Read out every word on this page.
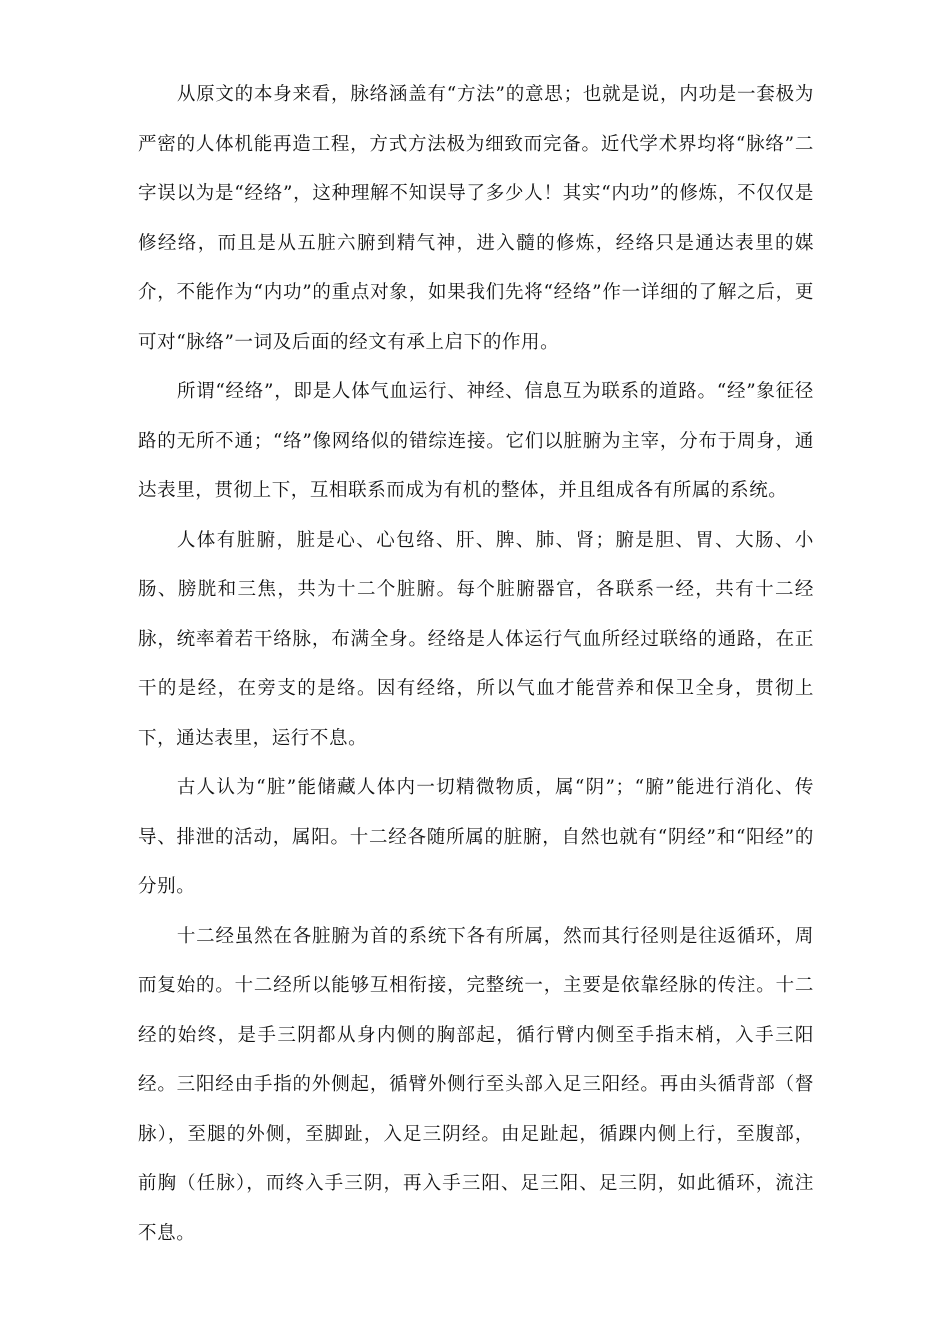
从原文的本身来看，脉络涵盖有“方法”的意思；也就是说，内功是一套极为严密的人体机能再造工程，方式方法极为细致而完备。近代学术界均将“脉络”二字误以为是“经络”，这种理解不知误导了多少人！其实“内功”的修炼，不仅仅是修经络，而且是从五脏六腑到精气神，进入髓的修炼，经络只是通达表里的媒介，不能作为“内功”的重点对象，如果我们先将“经络”作一详细的了解之后，更可对“脉络”一词及后面的经文有承上启下的作用。

所谓“经络”，即是人体气血运行、神经、信息互为联系的道路。“经”象征径路的无所不通；“络”像网络似的错综连接。它们以脏腑为主宰，分布于周身，通达表里，贯彻上下，互相联系而成为有机的整体，并且组成各有所属的系统。

人体有脏腑，脏是心、心包络、肝、脾、肺、肾；腑是胆、胃、大肠、小肠、膀胱和三焦，共为十二个脏腑。每个脏腑器官，各联系一经，共有十二经脉，统率着若干络脉，布满全身。经络是人体运行气血所经过联络的通路，在正干的是经，在旁支的是络。因有经络，所以气血才能营养和保卫全身，贯彻上下，通达表里，运行不息。

古人认为“脏”能储藏人体内一切精微物质，属“阴”；“腑”能进行消化、传导、排泄的活动，属阳。十二经各随所属的脏腑，自然也就有“阴经”和“阳经”的分别。

十二经虽然在各脏腑为首的系统下各有所属，然而其行径则是往返循环，周而复始的。十二经所以能够互相衔接，完整统一，主要是依靠经脉的传注。十二经的始终，是手三阴都从身内侧的胸部起，循行臂内侧至手指末梢，入手三阳经。三阳经由手指的外侧起，循臂外侧行至头部入足三阳经。再由头循背部（督脉），至腿的外侧，至脚趾，入足三阴经。由足趾起，循踝内侧上行，至腹部，前胸（任脉），而终入手三阴，再入手三阳、足三阳、足三阴，如此循环，流注不息。
